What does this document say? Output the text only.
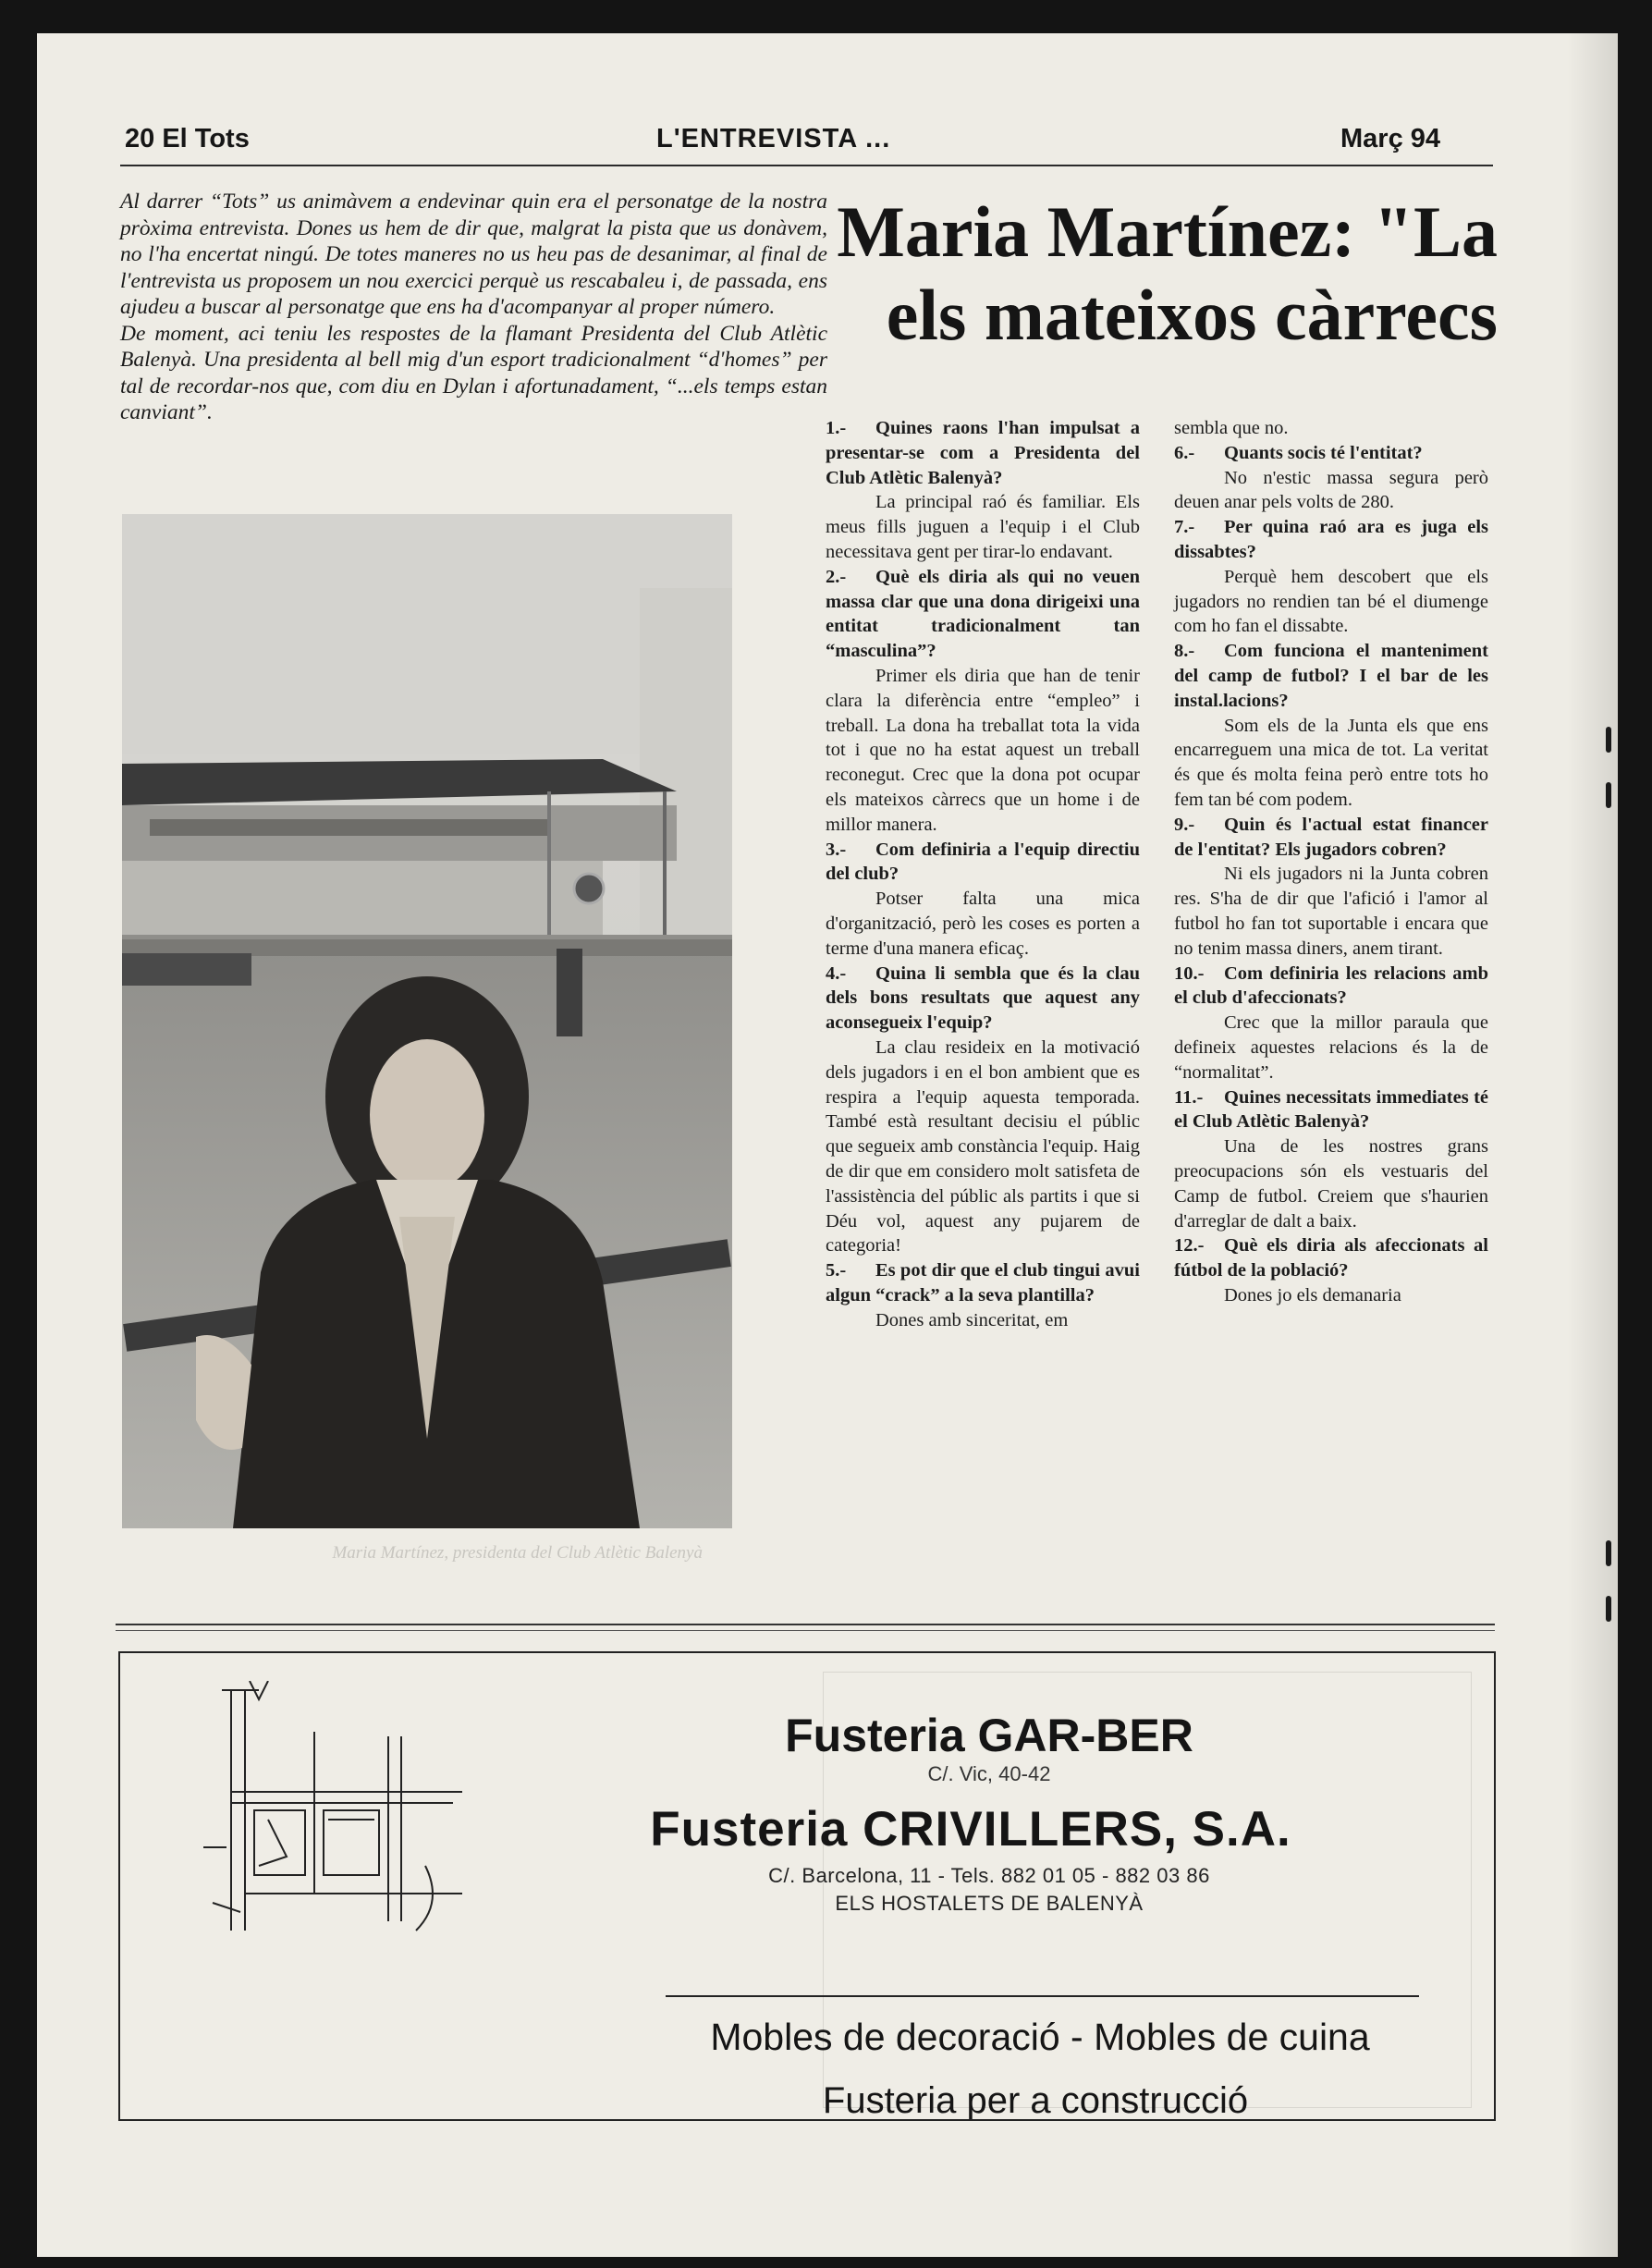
20 El Tots	L'ENTREVISTA ...	Març 94

Al darrer “Tots” us animàvem a endevinar quin era el personatge de la nostra pròxima entrevista. Dones us hem de dir que, malgrat la pista que us donàvem, no l'ha encertat ningú. De totes maneres no us heu pas de desanimar, al final de l'entrevista us proposem un nou exercici perquè us rescabaleu i, de passada, ens ajudeu a buscar al personatge que ens ha d'acompanyar al proper número.

De moment, aci teniu les respostes de la flamant Presidenta del Club Atlètic Balenyà. Una presidenta al bell mig d'un esport tradicionalment “d'homes” per tal de recordar-nos que, com diu en Dylan i afortunadament, “...els temps estan canviant”.

Maria Martínez: "La
els mateixos càrrecs
Maria Martínez, presidenta del Club Atlètic Balenyà

1.- Quines raons l'han impulsat a presentar-se com a Presidenta del Club Atlètic Balenyà?

La principal raó és familiar. Els meus fills juguen a l'equip i el Club necessitava gent per tirar-lo endavant.

2.- Què els diria als qui no veuen massa clar que una dona dirigeixi una entitat tradicionalment tan “masculina”?

Primer els diria que han de tenir clara la diferència entre “empleo” i treball. La dona ha treballat tota la vida tot i que no ha estat aquest un treball reconegut. Crec que la dona pot ocupar els mateixos càrrecs que un home i de millor manera.

3.- Com definiria a l'equip directiu del club?

Potser falta una mica d'organització, però les coses es porten a terme d'una manera eficaç.

4.- Quina li sembla que és la clau dels bons resultats que aquest any aconsegueix l'equip?

La clau resideix en la motivació dels jugadors i en el bon ambient que es respira a l'equip aquesta temporada. També està resultant decisiu el públic que segueix amb constància l'equip. Haig de dir que em considero molt satisfeta de l'assistència del públic als partits i que si Déu vol, aquest any pujarem de categoria!

5.- Es pot dir que el club tingui avui algun “crack” a la seva plantilla?

Dones amb sinceritat, em

sembla que no.

6.- Quants socis té l'entitat?

No n'estic massa segura però deuen anar pels volts de 280.

7.- Per quina raó ara es juga els dissabtes?

Perquè hem descobert que els jugadors no rendien tan bé el diumenge com ho fan el dissabte.

8.- Com funciona el manteniment del camp de futbol? I el bar de les instal.lacions?

Som els de la Junta els que ens encarreguem una mica de tot. La veritat és que és molta feina però entre tots ho fem tan bé com podem.

9.- Quin és l'actual estat financer de l'entitat? Els jugadors cobren?

Ni els jugadors ni la Junta cobren res. S'ha de dir que l'afició i l'amor al futbol ho fan tot suportable i encara que no tenim massa diners, anem tirant.

10.- Com definiria les relacions amb el club d'afeccionats?

Crec que la millor paraula que defineix aquestes relacions és la de “normalitat”.

11.- Quines necessitats immediates té el Club Atlètic Balenyà?

Una de les nostres grans preocupacions són els vestuaris del Camp de futbol. Creiem que s'haurien d'arreglar de dalt a baix.

12.- Què els diria als afeccionats al fútbol de la població?

Dones jo els demanaria

Fusteria GAR-BER
C/. Vic, 40-42
Fusteria CRIVILLERS, S.A.
C/. Barcelona, 11 - Tels. 882 01 05 - 882 03 86
ELS HOSTALETS DE BALENYÀ
Mobles de decoració - Mobles de cuina
Fusteria per a construcció
